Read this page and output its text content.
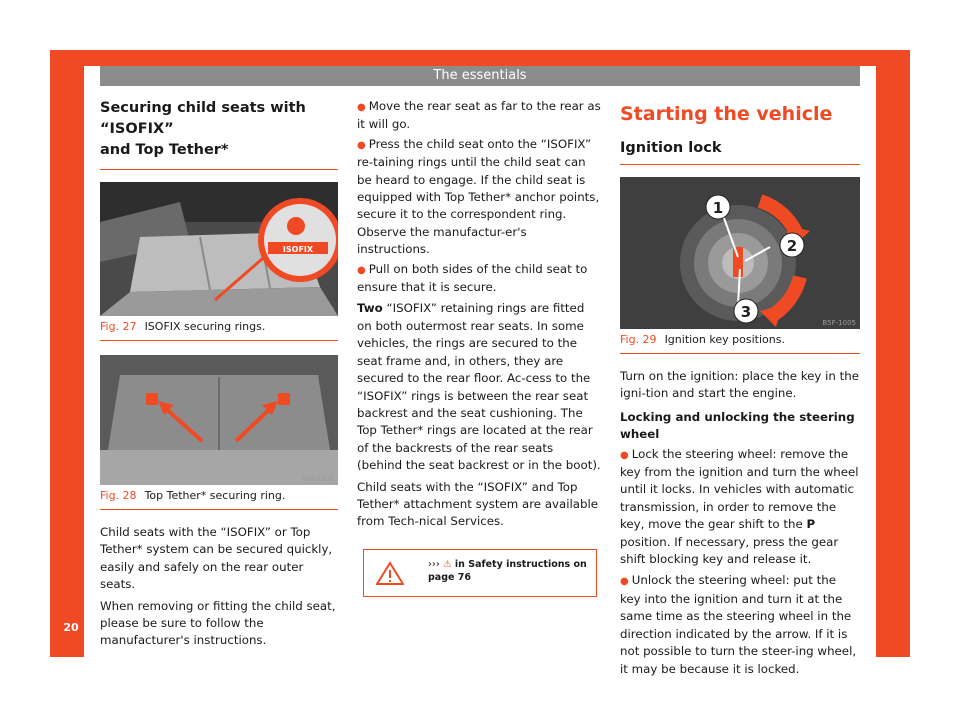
The essentials
20
Securing child seats with “ISOFIX”
and Top Tether*
ISOFIX
6JA-0307
Fig. 27 ISOFIX securing rings.
6JA-0308
Fig. 28 Top Tether* securing ring.

Child seats with the “ISOFIX” or Top Tether* system can be secured quickly, easily and safely on the rear outer seats.

When removing or fitting the child seat, please be sure to follow the manufacturer's instructions.

● Move the rear seat as far to the rear as it will go.

● Press the child seat onto the “ISOFIX” re-taining rings until the child seat can be heard to engage. If the child seat is equipped with Top Tether* anchor points, secure it to the correspondent ring. Observe the manufactur-er's instructions.

● Pull on both sides of the child seat to ensure that it is secure.

Two “ISOFIX” retaining rings are fitted on both outermost rear seats. In some vehicles, the rings are secured to the seat frame and, in others, they are secured to the rear floor. Ac-cess to the “ISOFIX” rings is between the rear seat backrest and the seat cushioning. The Top Tether* rings are located at the rear of the backrests of the rear seats (behind the seat backrest or in the boot).

Child seats with the “ISOFIX” and Top Tether* attachment system are available from Tech-nical Services.

››› ⚠ in Safety instructions on
page 76
Starting the vehicle
Ignition lock
1
2
3
B5F-1005
Fig. 29 Ignition key positions.

Turn on the ignition: place the key in the igni-tion and start the engine.

Locking and unlocking the steering wheel

● Lock the steering wheel: remove the key from the ignition and turn the wheel until it locks. In vehicles with automatic transmission, in order to remove the key, move the gear shift to the P position. If necessary, press the gear shift blocking key and release it.

● Unlock the steering wheel: put the key into the ignition and turn it at the same time as the steering wheel in the direction indicated by the arrow. If it is not possible to turn the steer-ing wheel, it may be because it is locked.
